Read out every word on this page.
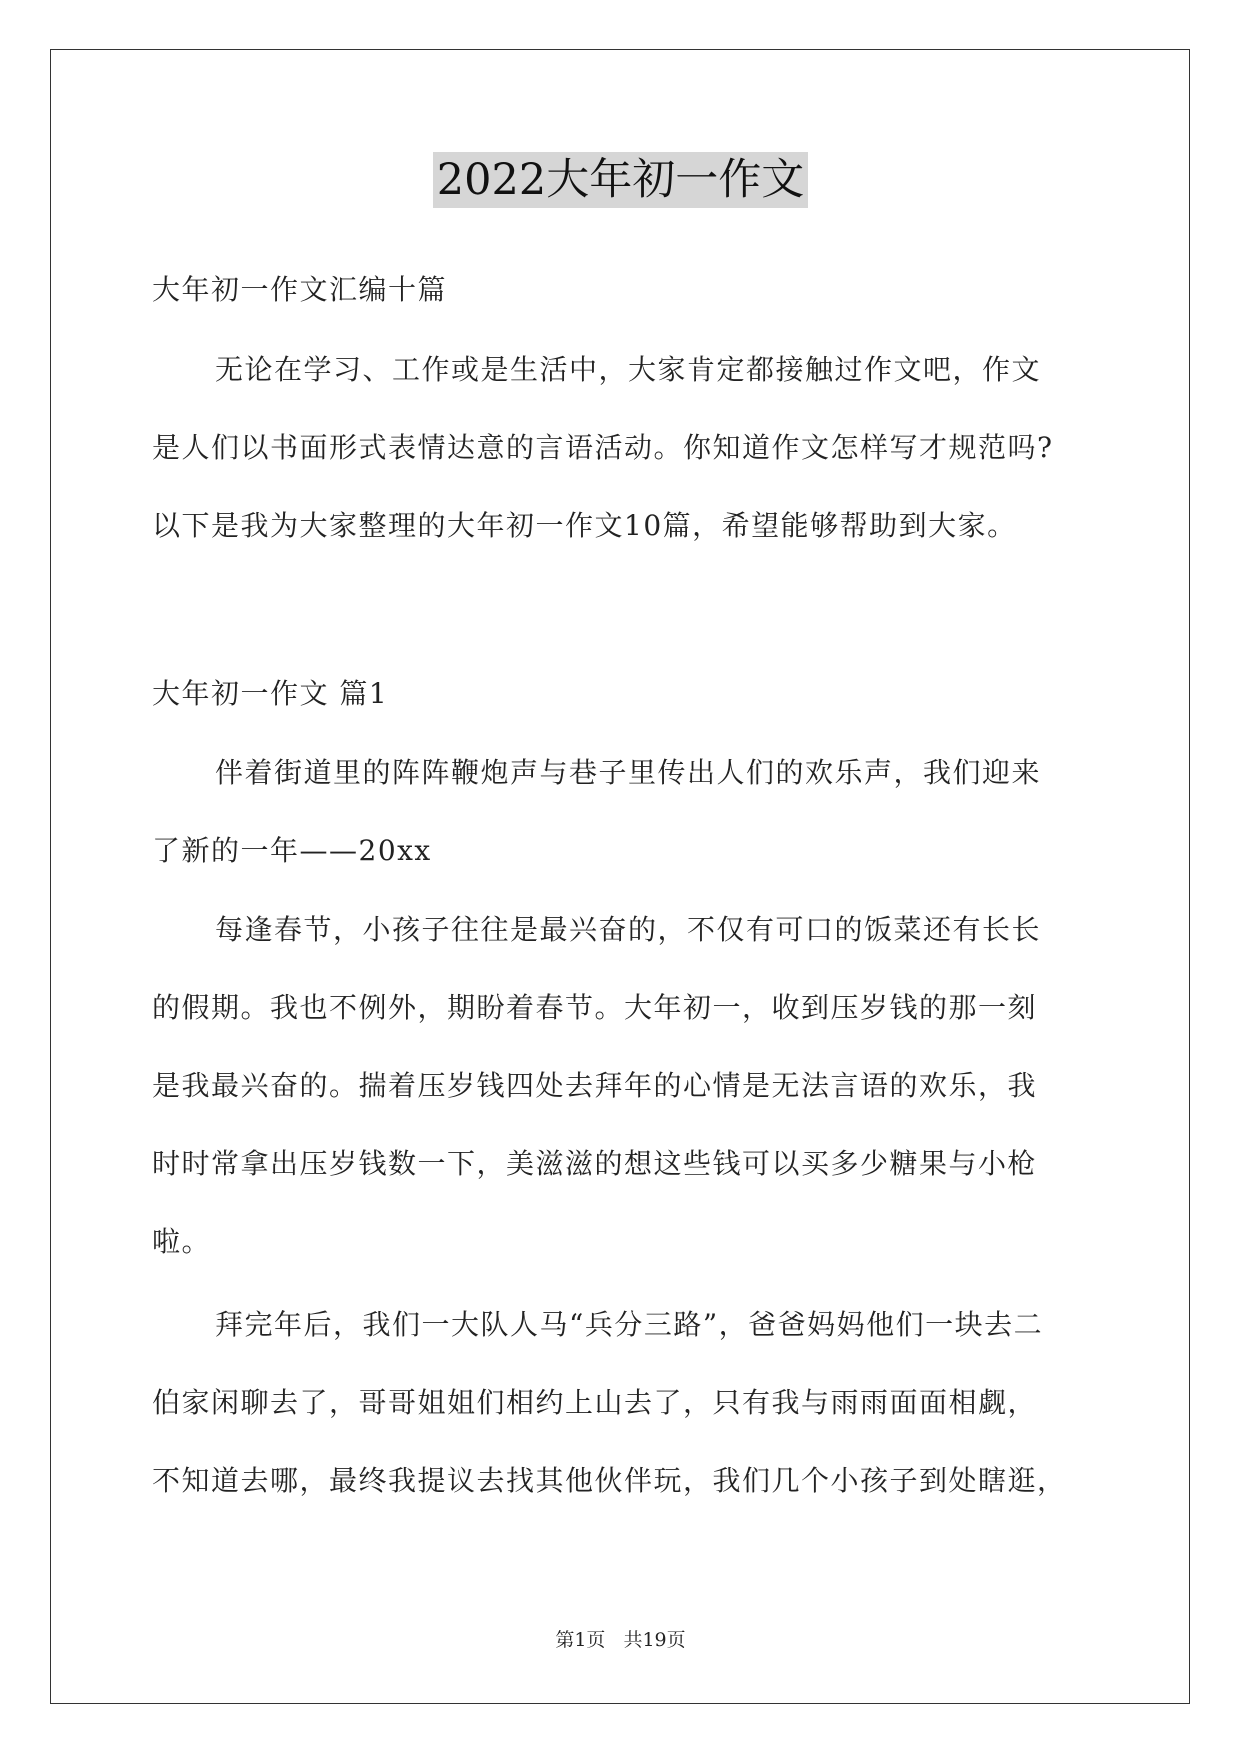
2022大年初一作文
大年初一作文汇编十篇
无论在学习、工作或是生活中，大家肯定都接触过作文吧，作文
是人们以书面形式表情达意的言语活动。你知道作文怎样写才规范吗?
以下是我为大家整理的大年初一作文10篇，希望能够帮助到大家。
大年初一作文 篇1
伴着街道里的阵阵鞭炮声与巷子里传出人们的欢乐声，我们迎来
了新的一年——20xx
每逢春节，小孩子往往是最兴奋的，不仅有可口的饭菜还有长长
的假期。我也不例外，期盼着春节。大年初一，收到压岁钱的那一刻
是我最兴奋的。揣着压岁钱四处去拜年的心情是无法言语的欢乐，我
时时常拿出压岁钱数一下，美滋滋的想这些钱可以买多少糖果与小枪
啦。
拜完年后，我们一大队人马“兵分三路”，爸爸妈妈他们一块去二
伯家闲聊去了，哥哥姐姐们相约上山去了，只有我与雨雨面面相觑，
不知道去哪，最终我提议去找其他伙伴玩，我们几个小孩子到处瞎逛，
第1页 共19页
